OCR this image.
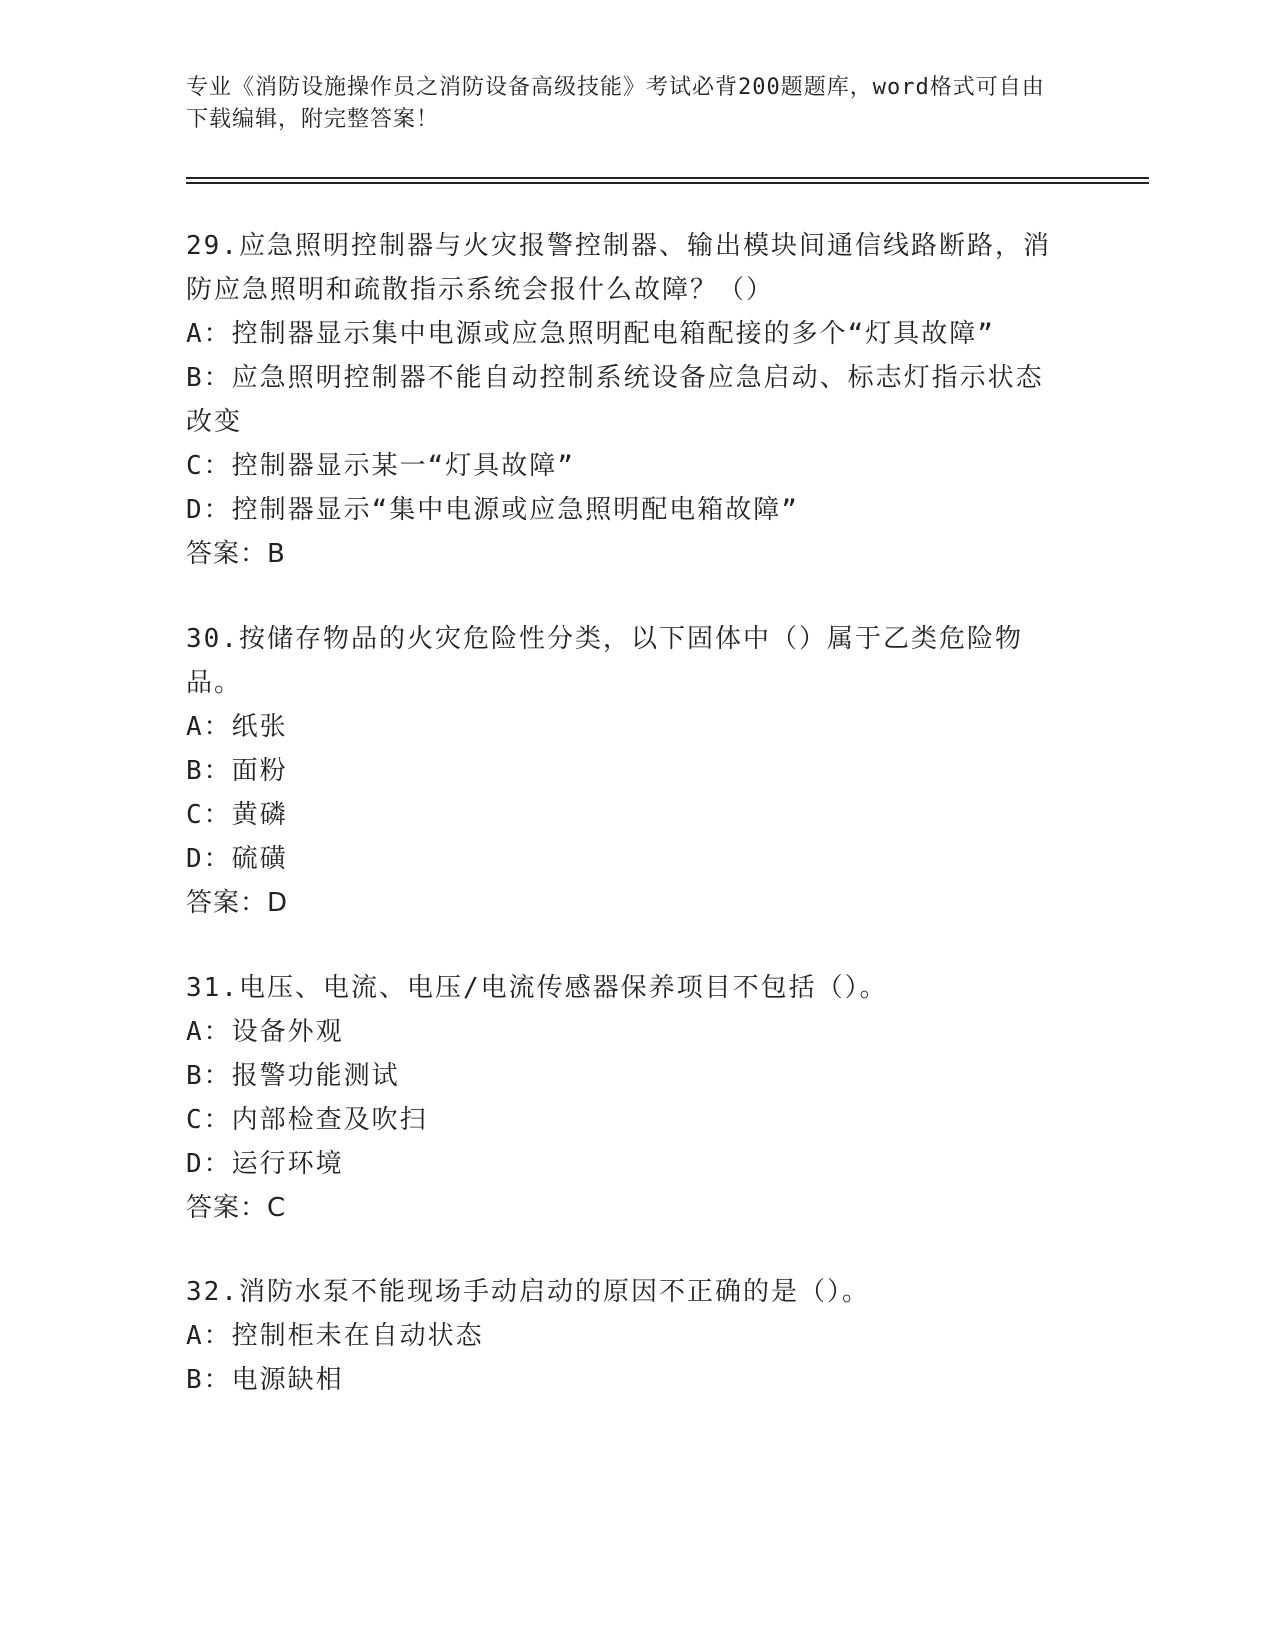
专业《消防设施操作员之消防设备高级技能》考试必背200题题库，word格式可自由下载编辑，附完整答案！

29.应急照明控制器与火灾报警控制器、输出模块间通信线路断路，消防应急照明和疏散指示系统会报什么故障？（）

A：控制器显示集中电源或应急照明配电箱配接的多个“灯具故障”

B：应急照明控制器不能自动控制系统设备应急启动、标志灯指示状态改变

C：控制器显示某一“灯具故障”

D：控制器显示“集中电源或应急照明配电箱故障”

答案：B

30.按储存物品的火灾危险性分类，以下固体中（）属于乙类危险物品。

A：纸张

B：面粉

C：黄磷

D：硫磺

答案：D

31.电压、电流、电压/电流传感器保养项目不包括（）。

A：设备外观

B：报警功能测试

C：内部检查及吹扫

D：运行环境

答案：C

32.消防水泵不能现场手动启动的原因不正确的是（）。

A：控制柜未在自动状态

B：电源缺相
